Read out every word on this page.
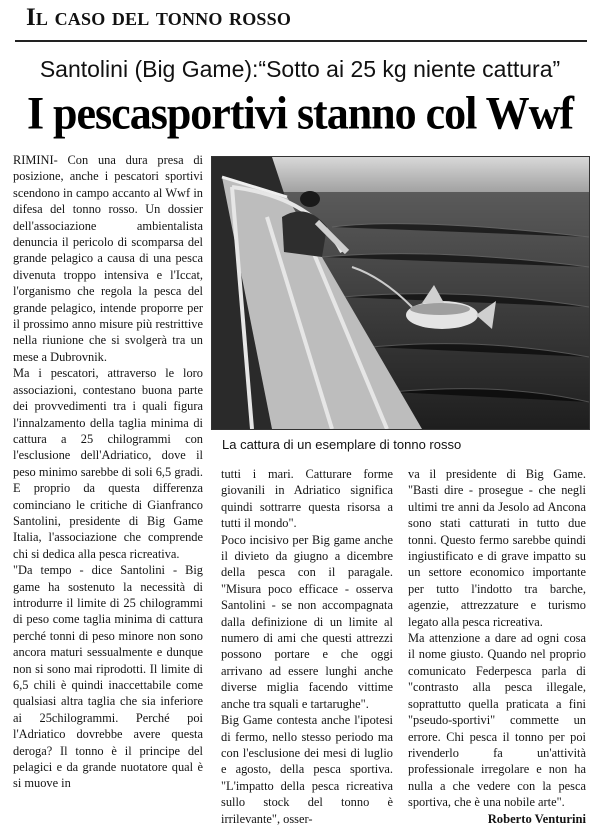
Il caso del tonno rosso
Santolini (Big Game):“Sotto ai 25 kg niente cattura”
I pescasportivi stanno col Wwf

RIMINI- Con una dura presa di posizione, anche i pescatori sportivi scendono in campo accanto al Wwf in difesa del tonno rosso. Un dossier dell'associazione ambientalista denuncia il pericolo di scomparsa del grande pelagico a causa di una pesca divenuta troppo intensiva e l'Iccat, l'organismo che regola la pesca del grande pelagico, intende proporre per il prossimo anno misure più restrittive nella riunione che si svolgerà tra un mese a Dubrovnik.

Ma i pescatori, attraverso le loro associazioni, contestano buona parte dei provvedimenti tra i quali figura l'innalzamento della taglia minima di cattura a 25 chilogrammi con l'esclusione dell'Adriatico, dove il peso minimo sarebbe di soli 6,5 gradi. E proprio da questa differenza cominciano le critiche di Gianfranco Santolini, presidente di Big Game Italia, l'associazione che comprende chi si dedica alla pesca ricreativa.

"Da tempo - dice Santolini - Big game ha sostenuto la necessità di introdurre il limite di 25 chilogrammi di peso come taglia minima di cattura perché tonni di peso minore non sono ancora maturi sessualmente e dunque non si sono mai riprodotti. Il limite di 6,5 chili è quindi inaccettabile come qualsiasi altra taglia che sia inferiore ai 25chilogrammi. Perché poi l'Adriatico dovrebbe avere questa deroga? Il tonno è il principe del pelagici e da grande nuotatore qual è si muove in

La cattura di un esemplare di tonno rosso

tutti i mari. Catturare forme giovanili in Adriatico significa quindi sottrarre questa risorsa a tutti il mondo".

Poco incisivo per Big game anche il divieto da giugno a dicembre della pesca con il paragale. "Misura poco efficace - osserva Santolini - se non accompagnata dalla definizione di un limite al numero di ami che questi attrezzi possono portare e che oggi arrivano ad essere lunghi anche diverse miglia facendo vittime anche tra squali e tartarughe".

Big Game contesta anche l'ipotesi di fermo, nello stesso periodo ma con l'esclusione dei mesi di luglio e agosto, della pesca sportiva. "L'impatto della pesca ricreativa sullo stock del tonno è irrilevante", osser-

va il presidente di Big Game. "Basti dire - prosegue - che negli ultimi tre anni da Jesolo ad Ancona sono stati catturati in tutto due tonni. Questo fermo sarebbe quindi ingiustificato e di grave impatto su un settore economico importante per tutto l'indotto tra barche, agenzie, attrezzature e turismo legato alla pesca ricreativa.

Ma attenzione a dare ad ogni cosa il nome giusto. Quando nel proprio comunicato Federpesca parla di "contrasto alla pesca illegale, soprattutto quella praticata a fini "pseudo-sportivi" commette un errore. Chi pesca il tonno per poi rivenderlo fa un'attività professionale irregolare e non ha nulla a che vedere con la pesca sportiva, che è una nobile arte".

Roberto Venturini
